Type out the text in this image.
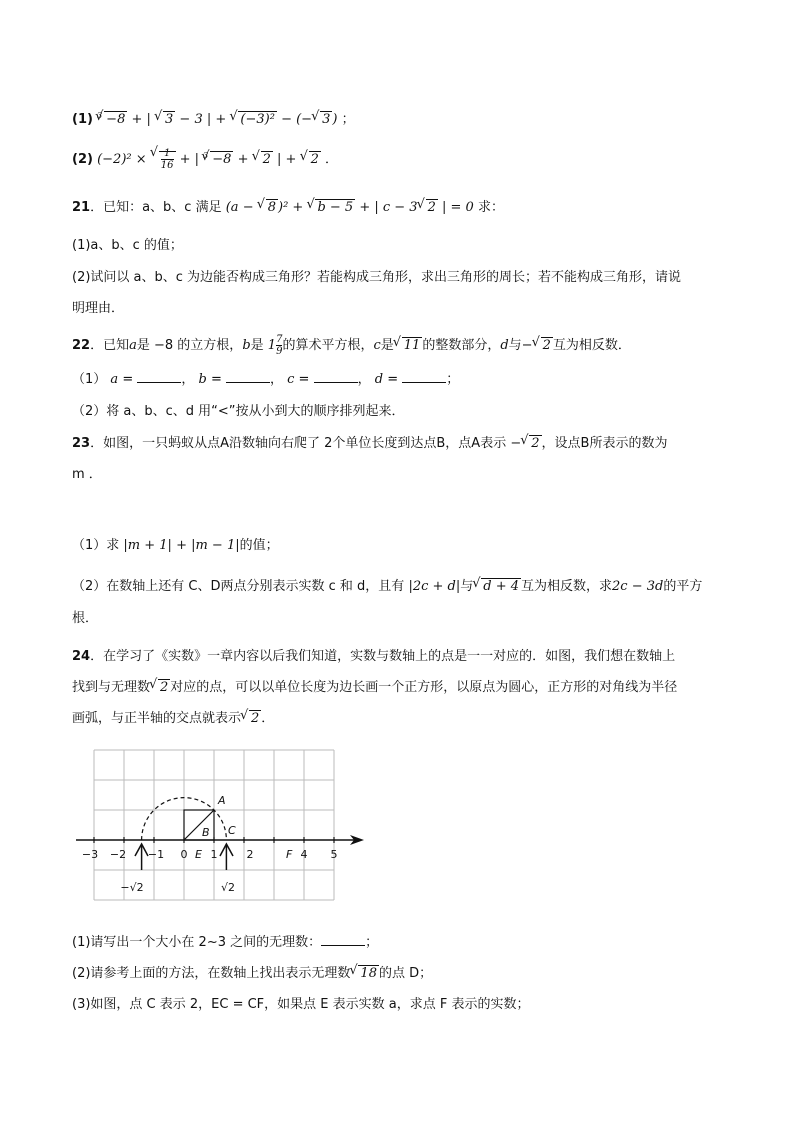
(1) $^3$ √ −8 + | √ 3 − 3 | + √ (−3)² − (− √ 3 ) ；
(2) (−2)² × √ $\frac{1}{16}$ + | $^3$ √ −8 + √ 2 | + √ 2 ．
21．已知：a、b、c 满足 (a − √ 8 )² + √ b − 5 + | c − 3 √ 2 | = 0 求：
(1)a、b、c 的值；
(2)试问以 a、b、c 为边能否构成三角形？若能构成三角形，求出三角形的周长；若不能构成三角形，请说
明理由．
22．已知a是 −8 的立方根，b是 $1 \frac{7}{9}$ 的算术平方根，c是 √ 11 的整数部分，d与− √ 2 互为相反数．
（1） a =	， b =	， c =	， d =	；
（2）将 a、b、c、d 用“<”按从小到大的顺序排列起来．
23．如图，一只蚂蚁从点A沿数轴向右爬了 2个单位长度到达点B，点A表示 − √ 2 ，设点B所表示的数为
m ．
（1）求 |m + 1| + |m − 1|的值；
（2）在数轴上还有 C、D两点分别表示实数 c 和 d，且有 |2c + d|与 √ d + 4 互为相反数，求2c − 3d的平方
根．
24．在学习了《实数》一章内容以后我们知道，实数与数轴上的点是一一对应的．如图，我们想在数轴上
找到与无理数 √ 2 对应的点，可以以单位长度为边长画一个正方形，以原点为圆心，正方形的对角线为半径
画弧，与正半轴的交点就表示 √ 2 ．
−3 −2 −1 0 1	2	4 5
A
B C
E	F
−√2	√2
(1)请写出一个大小在 2~3 之间的无理数：	；
(2)请参考上面的方法，在数轴上找出表示无理数 √ 18 的点 D；
(3)如图，点 C 表示 2，EC = CF，如果点 E 表示实数 a，求点 F 表示的实数；
